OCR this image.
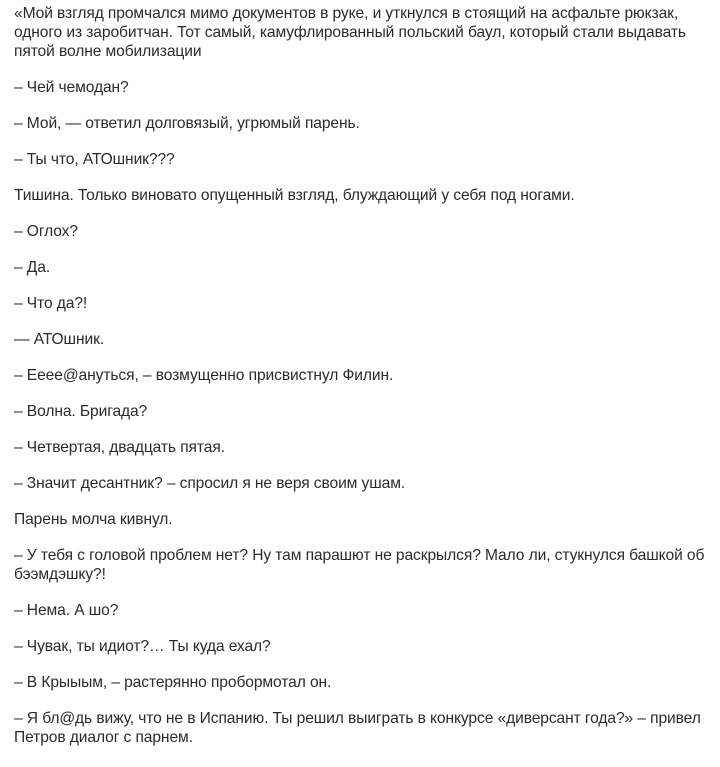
«Мой взгляд промчался мимо документов в руке, и уткнулся в стоящий на асфальте рюкзак, одного из заробитчан. Тот самый, камуфлированный польский баул, который стали выдавать пятой волне мобилизации

– Чей чемодан?

– Мой, — ответил долговязый, угрюмый парень.

– Ты что, АТОшник???

Тишина. Только виновато опущенный взгляд, блуждающий у себя под ногами.

– Оглох?

– Да.

– Что да?!

— АТОшник.

– Еeee@ануться, – возмущенно присвистнул Филин.

– Волна. Бригада?

– Четвертая, двадцать пятая.

– Значит десантник? – спросил я не веря своим ушам.

Парень молча кивнул.

– У тебя с головой проблем нет? Ну там парашют не раскрылся? Мало ли, стукнулся башкой об бээмдэшку?!

– Нема. А шо?

– Чувак, ты идиот?… Ты куда ехал?

– В Крыыым, – растерянно пробормотал он.

– Я бл@дь вижу, что не в Испанию. Ты решил выиграть в конкурсе «диверсант года?» – привел Петров диалог с парнем.
